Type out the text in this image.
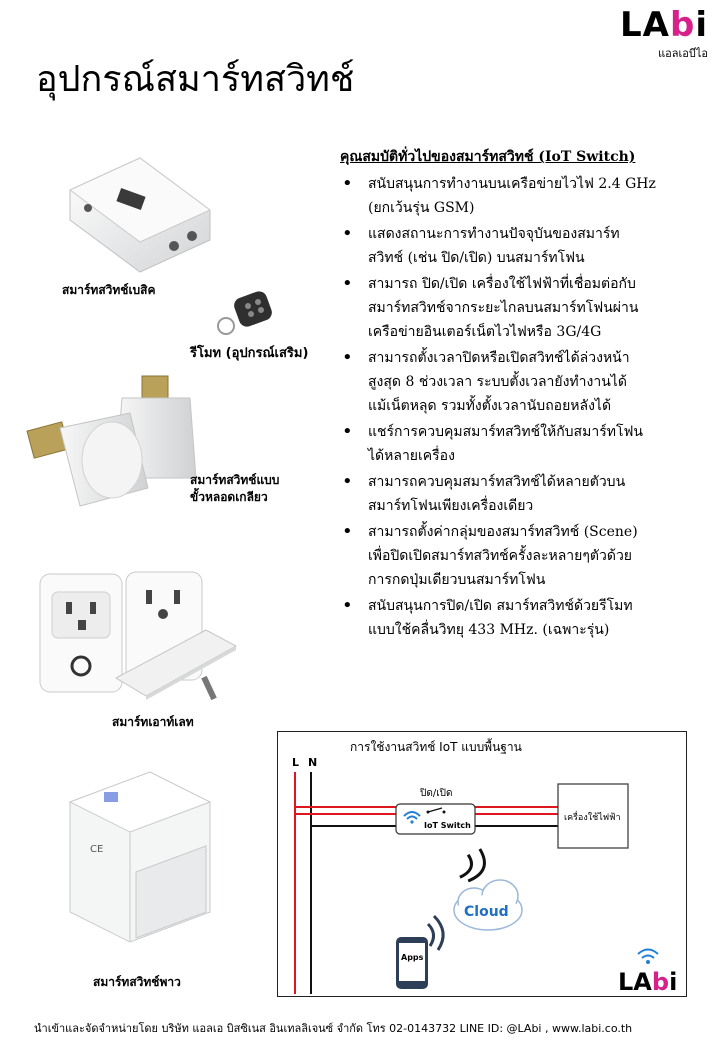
LAbi
แอลเอบีไอ
อุปกรณ์สมาร์ทสวิทช์
สมาร์ทสวิทช์เบสิค
รีโมท (อุปกรณ์เสริม)
สมาร์ทสวิทช์แบบ
ขั้วหลอดเกลียว
สมาร์ทเอาท์เลท
CE
สมาร์ทสวิทช์พาว
คุณสมบัติทั่วไปของสมาร์ทสวิทช์ (IoT Switch)
• สนับสนุนการทำงานบนเครือข่ายไวไฟ 2.4 GHz
(ยกเว้นรุ่น GSM)
• แสดงสถานะการทำงานปัจจุบันของสมาร์ท
สวิทช์ (เช่น ปิด/เปิด) บนสมาร์ทโฟน
• สามารถ ปิด/เปิด เครื่องใช้ไฟฟ้าที่เชื่อมต่อกับ
สมาร์ทสวิทช์จากระยะไกลบนสมาร์ทโฟนผ่าน
เครือข่ายอินเตอร์เน็ตไวไฟหรือ 3G/4G
• สามารถตั้งเวลาปิดหรือเปิดสวิทช์ได้ล่วงหน้า
สูงสุด 8 ช่วงเวลา ระบบตั้งเวลายังทำงานได้
แม้เน็ตหลุด รวมทั้งตั้งเวลานับถอยหลังได้
• แชร์การควบคุมสมาร์ทสวิทช์ให้กับสมาร์ทโฟน
ได้หลายเครื่อง
• สามารถควบคุมสมาร์ทสวิทช์ได้หลายตัวบน
สมาร์ทโฟนเพียงเครื่องเดียว
• สามารถตั้งค่ากลุ่มของสมาร์ทสวิทช์ (Scene)
เพื่อปิดเปิดสมาร์ทสวิทช์ครั้งละหลายๆตัวด้วย
การกดปุ่มเดียวบนสมาร์ทโฟน
• สนับสนุนการปิด/เปิด สมาร์ทสวิทช์ด้วยรีโมท
แบบใช้คลื่นวิทยุ 433 MHz. (เฉพาะรุ่น)
การใช้งานสวิทช์ IoT แบบพื้นฐาน
L N
ปิด/เปิด
IoT Switch
เครื่องใช้ไฟฟ้า
Cloud
Apps
LAbi
นำเข้าและจัดจำหน่ายโดย บริษัท แอลเอ บิสซิเนส อินเทลลิเจนซ์ จำกัด โทร 02-0143732 LINE ID: @LAbi , www.labi.co.th
